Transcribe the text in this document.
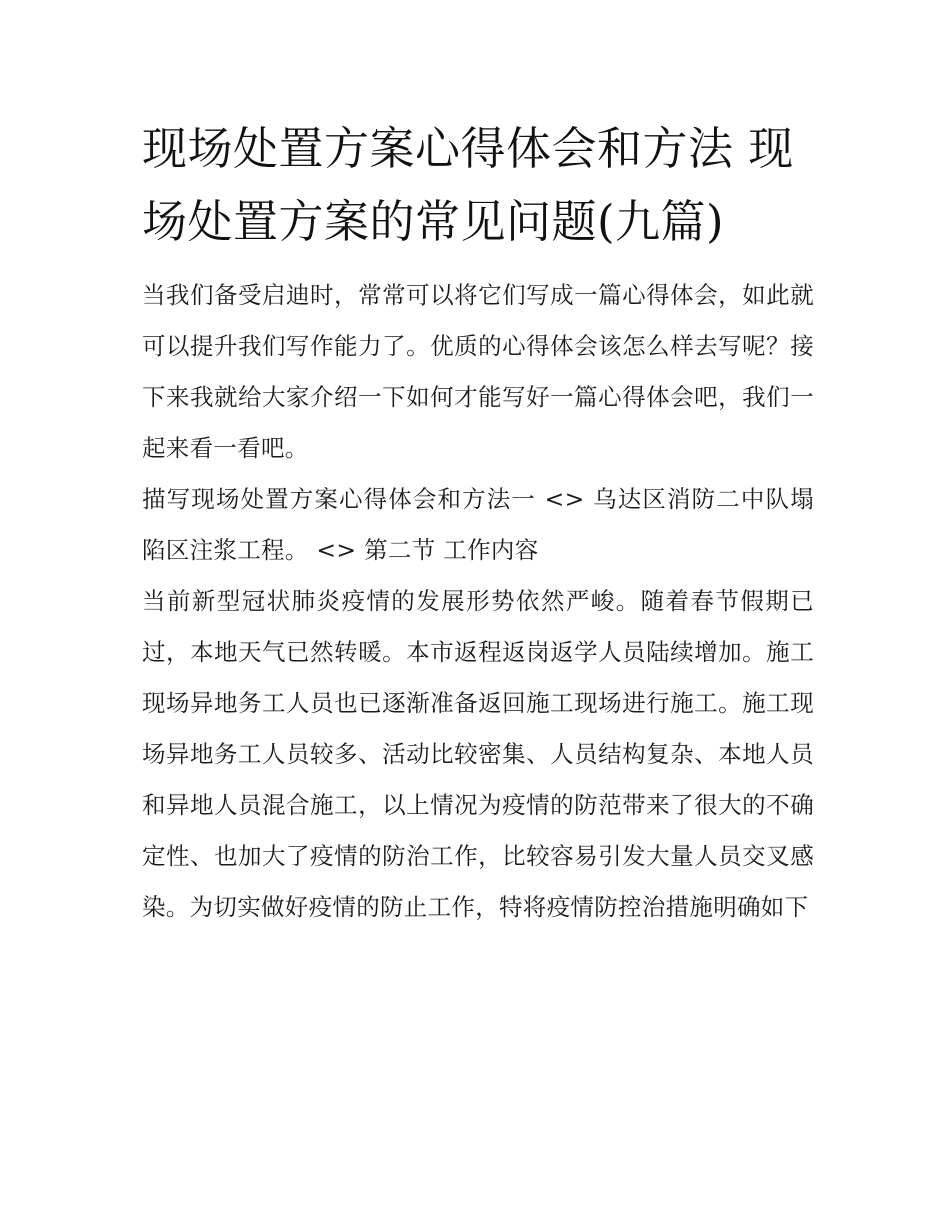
现场处置方案心得体会和方法 现场处置方案的常见问题(九篇)

当我们备受启迪时，常常可以将它们写成一篇心得体会，如此就可以提升我们写作能力了。优质的心得体会该怎么样去写呢？接下来我就给大家介绍一下如何才能写好一篇心得体会吧，我们一起来看一看吧。

描写现场处置方案心得体会和方法一 <> 乌达区消防二中队塌陷区注浆工程。 <> 第二节 工作内容

当前新型冠状肺炎疫情的发展形势依然严峻。随着春节假期已过，本地天气已然转暖。本市返程返岗返学人员陆续增加。施工现场异地务工人员也已逐渐准备返回施工现场进行施工。施工现场异地务工人员较多、活动比较密集、人员结构复杂、本地人员和异地人员混合施工，以上情况为疫情的防范带来了很大的不确定性、也加大了疫情的防治工作，比较容易引发大量人员交叉感染。为切实做好疫情的防止工作，特将疫情防控治措施明确如下
